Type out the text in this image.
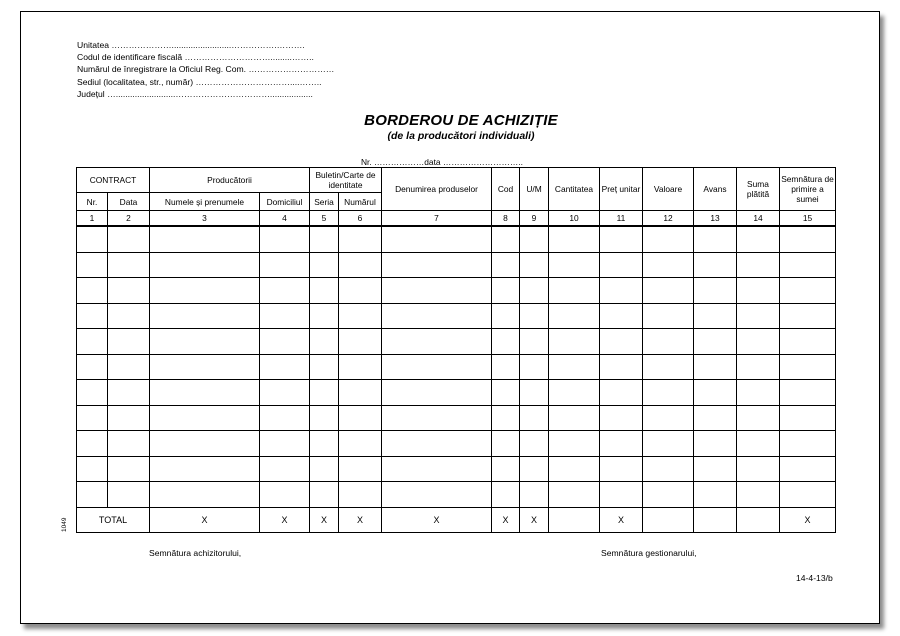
Unitatea ………………….........................…………….……….
Codul de identificare fiscală ………………………….........……..
Numărul de înregistrare la Oficiul Reg. Com. …………………………
Sediul (localitatea, str., număr) ……………………………....……..
Județul ….........................……………………………..................
BORDEROU DE ACHIZIȚIE
(de la producători individuali)
Nr. ………………data ………………………..
CONTRACT		Producătorii		Buletin/Carte de identitate		Denumirea produselor	Cod	U/M	Cantitatea	Preț unitar	Valoare	Avans	Suma plătită	Semnătura de primire a sumei
Nr.	Data	Numele și prenumele	Domiciliul	Seria	Numărul									
1	2	3	4	5	6	7	8	9	10	11	12	13	14	15

TOTAL		X	X	X	X	X	X	X		X				X
1049
Semnătura achizitorului,	Semnătura gestionarului,
14-4-13/b
